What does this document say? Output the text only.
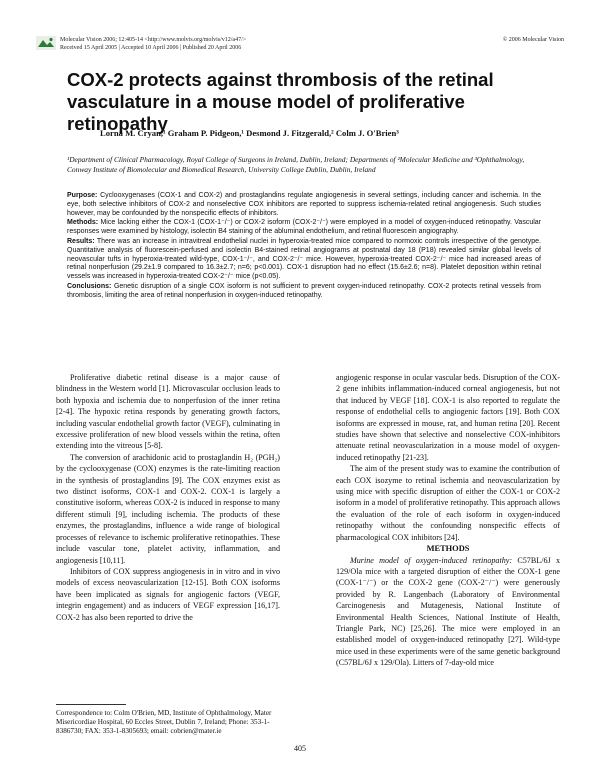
Molecular Vision 2006; 12:405-14 <http://www.molvis.org/molvis/v12/a47/>
Received 15 April 2005 | Accepted 10 April 2006 | Published 20 April 2006
© 2006 Molecular Vision
COX-2 protects against thrombosis of the retinal vasculature in a mouse model of proliferative retinopathy
Lorna M. Cryan,¹ Graham P. Pidgeon,¹ Desmond J. Fitzgerald,² Colm J. O'Brien³
¹Department of Clinical Pharmacology, Royal College of Surgeons in Ireland, Dublin, Ireland; Departments of ²Molecular Medicine and ³Ophthalmology, Conway Institute of Biomolecular and Biomedical Research, University College Dublin, Dublin, Ireland

Purpose: Cyclooxygenases (COX-1 and COX-2) and prostaglandins regulate angiogenesis in several settings, including cancer and ischemia. In the eye, both selective inhibitors of COX-2 and nonselective COX inhibitors are reported to suppress ischemia-related retinal angiogenesis. Such studies however, may be confounded by the nonspecific effects of inhibitors.

Methods: Mice lacking either the COX-1 (COX-1⁻/⁻) or COX-2 isoform (COX-2⁻/⁻) were employed in a model of oxygen-induced retinopathy. Vascular responses were examined by histology, isolectin B4 staining of the abluminal endothelium, and retinal fluorescein angiography.

Results: There was an increase in intravitreal endothelial nuclei in hyperoxia-treated mice compared to normoxic controls irrespective of the genotype. Quantitative analysis of fluorescein-perfused and isolectin B4-stained retinal angiograms at postnatal day 18 (P18) revealed similar global levels of neovascular tufts in hyperoxia-treated wild-type, COX-1⁻/⁻, and COX-2⁻/⁻ mice. However, hyperoxia-treated COX-2⁻/⁻ mice had increased areas of retinal nonperfusion (29.2±1.9 compared to 16.3±2.7; n=6; p<0.001). COX-1 disruption had no effect (15.6±2.6; n=8). Platelet deposition within retinal vessels was increased in hyperoxia-treated COX-2⁻/⁻ mice (p<0.05).

Conclusions: Genetic disruption of a single COX isoform is not sufficient to prevent oxygen-induced retinopathy. COX-2 protects retinal vessels from thrombosis, limiting the area of retinal nonperfusion in oxygen-induced retinopathy.

Proliferative diabetic retinal disease is a major cause of blindness in the Western world [1]. Microvascular occlusion leads to both hypoxia and ischemia due to nonperfusion of the inner retina [2-4]. The hypoxic retina responds by generating growth factors, including vascular endothelial growth factor (VEGF), culminating in excessive proliferation of new blood vessels within the retina, often extending into the vitreous [5-8].

The conversion of arachidonic acid to prostaglandin H₂ (PGH₂) by the cyclooxygenase (COX) enzymes is the rate-limiting reaction in the synthesis of prostaglandins [9]. The COX enzymes exist as two distinct isoforms, COX-1 and COX-2. COX-1 is largely a constitutive isoform, whereas COX-2 is induced in response to many different stimuli [9], including ischemia. The products of these enzymes, the prostaglandins, influence a wide range of biological processes of relevance to ischemic proliferative retinopathies. These include vascular tone, platelet activity, inflammation, and angiogenesis [10,11].

Inhibitors of COX suppress angiogenesis in in vitro and in vivo models of excess neovascularization [12-15]. Both COX isoforms have been implicated as signals for angiogenic factors (VEGF, integrin engagement) and as inducers of VEGF expression [16,17]. COX-2 has also been reported to drive the

angiogenic response in ocular vascular beds. Disruption of the COX-2 gene inhibits inflammation-induced corneal angiogenesis, but not that induced by VEGF [18]. COX-1 is also reported to regulate the response of endothelial cells to angiogenic factors [19]. Both COX isoforms are expressed in mouse, rat, and human retina [20]. Recent studies have shown that selective and nonselective COX-inhibitors attenuate retinal neovascularization in a mouse model of oxygen-induced retinopathy [21-23].

The aim of the present study was to examine the contribution of each COX isozyme to retinal ischemia and neovascularization by using mice with specific disruption of either the COX-1 or COX-2 isoform in a model of proliferative retinopathy. This approach allows the evaluation of the role of each isoform in oxygen-induced retinopathy without the confounding nonspecific effects of pharmacological COX inhibitors [24].

METHODS

Murine model of oxygen-induced retinopathy: C57BL/6J x 129/Ola mice with a targeted disruption of either the COX-1 gene (COX-1⁻/⁻) or the COX-2 gene (COX-2⁻/⁻) were generously provided by R. Langenbach (Laboratory of Environmental Carcinogenesis and Mutagenesis, National Institute of Environmental Health Sciences, National Institute of Health, Triangle Park, NC) [25,26]. The mice were employed in an established model of oxygen-induced retinopathy [27]. Wild-type mice used in these experiments were of the same genetic background (C57BL/6J x 129/Ola). Litters of 7-day-old mice

Correspondence to: Colm O'Brien, MD, Institute of Ophthalmology, Mater Misericordiae Hospital, 60 Eccles Street, Dublin 7, Ireland; Phone: 353-1-8386730; FAX: 353-1-8305693; email: cobrien@mater.ie
405
